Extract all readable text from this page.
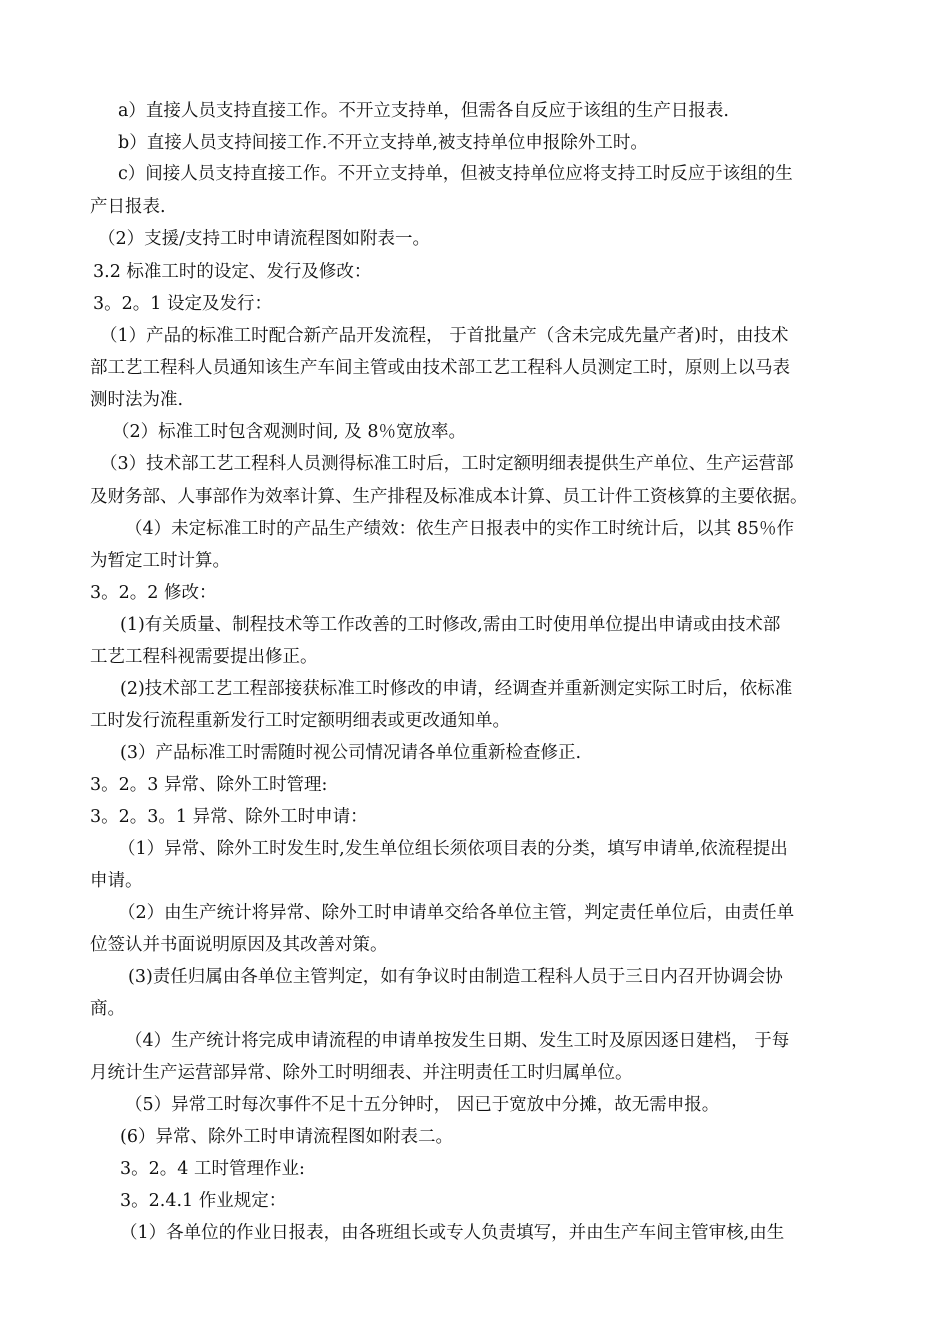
a）直接人员支持直接工作。不开立支持单，但需各自反应于该组的生产日报表.
b）直接人员支持间接工作.不开立支持单,被支持单位申报除外工时。
c）间接人员支持直接工作。不开立支持单，但被支持单位应将支持工时反应于该组的生
产日报表.
（2）支援/支持工时申请流程图如附表一。
3.2 标准工时的设定、发行及修改：
3。2。1 设定及发行：
（1）产品的标准工时配合新产品开发流程， 于首批量产（含未完成先量产者)时，由技术
部工艺工程科人员通知该生产车间主管或由技术部工艺工程科人员测定工时，原则上以马表
测时法为准.
（2）标准工时包含观测时间, 及 8％宽放率。
（3）技术部工艺工程科人员测得标准工时后，工时定额明细表提供生产单位、生产运营部
及财务部、人事部作为效率计算、生产排程及标准成本计算、员工计件工资核算的主要依据。
（4）未定标准工时的产品生产绩效：依生产日报表中的实作工时统计后，以其 85％作
为暂定工时计算。
3。2。2 修改：
(1)有关质量、制程技术等工作改善的工时修改,需由工时使用单位提出申请或由技术部
工艺工程科视需要提出修正。
(2)技术部工艺工程部接获标准工时修改的申请，经调查并重新测定实际工时后，依标准
工时发行流程重新发行工时定额明细表或更改通知单。
(3）产品标准工时需随时视公司情况请各单位重新检查修正.
3。2。3 异常、除外工时管理:
3。2。3。1 异常、除外工时申请：
（1）异常、除外工时发生时,发生单位组长须依项目表的分类，填写申请单,依流程提出
申请。
（2）由生产统计将异常、除外工时申请单交给各单位主管，判定责任单位后，由责任单
位签认并书面说明原因及其改善对策。
(3)责任归属由各单位主管判定，如有争议时由制造工程科人员于三日内召开协调会协
商。
（4）生产统计将完成申请流程的申请单按发生日期、发生工时及原因逐日建档， 于每
月统计生产运营部异常、除外工时明细表、并注明责任工时归属单位。
（5）异常工时每次事件不足十五分钟时， 因已于宽放中分摊，故无需申报。
(6）异常、除外工时申请流程图如附表二。
3。2。4 工时管理作业:
3。2.4.1 作业规定：
（1）各单位的作业日报表，由各班组长或专人负责填写，并由生产车间主管审核,由生
